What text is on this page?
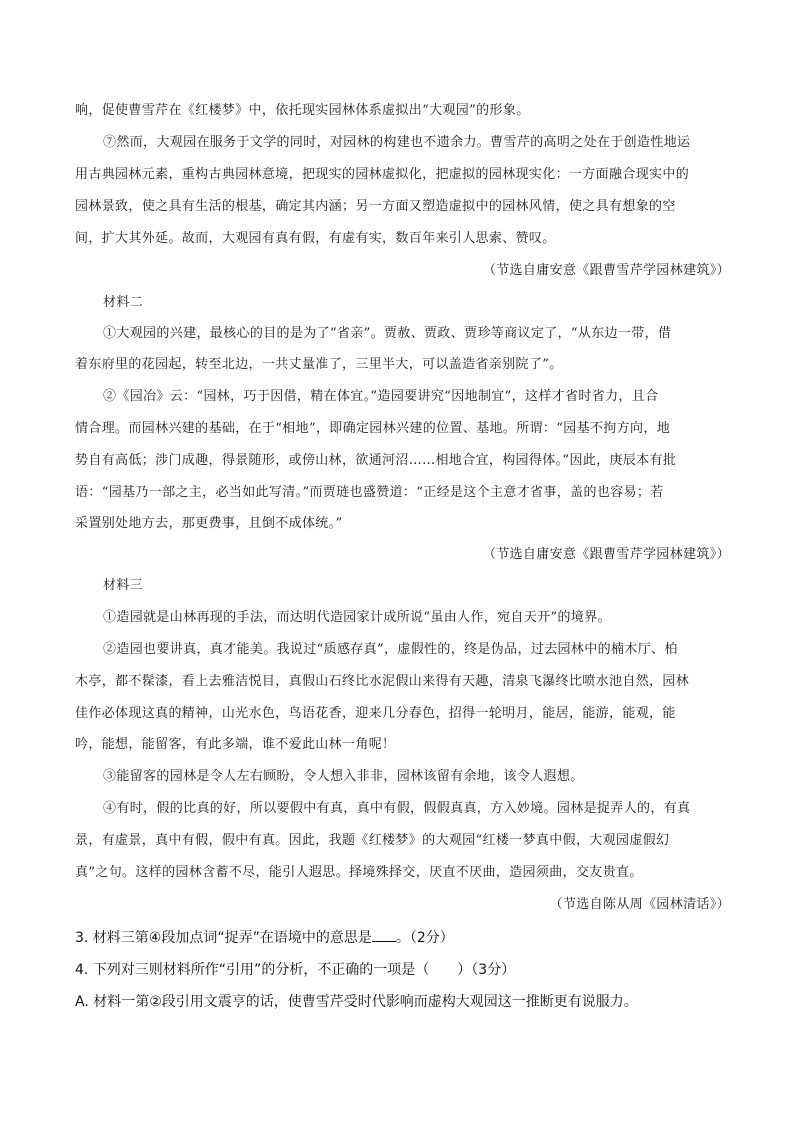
响，促使曹雪芹在《红楼梦》中，依托现实园林体系虚拟出“大观园”的形象。
⑦然而，大观园在服务于文学的同时，对园林的构建也不遗余力。曹雪芹的高明之处在于创造性地运
用古典园林元素，重构古典园林意境，把现实的园林虚拟化，把虚拟的园林现实化：一方面融合现实中的
园林景致，使之具有生活的根基，确定其内涵；另一方面又塑造虚拟中的园林风情，使之具有想象的空
间，扩大其外延。故而，大观园有真有假，有虚有实，数百年来引人思索、赞叹。
（节选自庸安意《跟曹雪芹学园林建筑》）
材料二
①大观园的兴建，最核心的目的是为了“省亲”。贾赦、贾政、贾珍等商议定了，“从东边一带，借
着东府里的花园起，转至北边，一共丈量准了，三里半大，可以盖造省亲别院了”。
②《园冶》云：“园林，巧于因借，精在体宜。”造园要讲究“因地制宜”，这样才省时省力，且合
情合理。而园林兴建的基础，在于“相地”，即确定园林兴建的位置、基地。所谓：“园基不拘方向，地
势自有高低；涉门成趣，得景随形，或傍山林，欲通河沼……相地合宜，构园得体。”因此，庚辰本有批
语：“园基乃一部之主，必当如此写清。”而贾琏也盛赞道：“正经是这个主意才省事，盖的也容易；若
采置别处地方去，那更费事，且倒不成体统。”
（节选自庸安意《跟曹雪芹学园林建筑》）
材料三
①造园就是山林再现的手法，而达明代造园家计成所说“虽由人作，宛自天开”的境界。
②造园也要讲真，真才能美。我说过“质感存真”，虚假性的，终是伪品，过去园林中的楠木厅、柏
木亭，都不髹漆，看上去雅洁悦目，真假山石终比水泥假山来得有天趣，清泉飞瀑终比喷水池自然，园林
佳作必体现这真的精神，山光水色，鸟语花香，迎来几分春色，招得一轮明月，能居，能游，能观，能
吟，能想，能留客，有此多端，谁不爱此山林一角呢！
③能留客的园林是令人左右顾盼，令人想入非非，园林该留有余地，该令人遐想。
④有时，假的比真的好，所以要假中有真，真中有假，假假真真，方入妙境。园林是捉弄人的，有真
景，有虚景，真中有假，假中有真。因此，我题《红楼梦》的大观园“红楼一梦真中假，大观园虚假幻
真”之句。这样的园林含蓄不尽，能引人遐思。择境殊择交，厌直不厌曲，造园须曲，交友贵直。
（节选自陈从周《园林清话》）
3. 材料三第④段加点词“捉弄”在语境中的意思是 。（2分）
4. 下列对三则材料所作“引用”的分析，不正确的一项是（　　）（3分）
A. 材料一第②段引用文震亨的话，使曹雪芹受时代影响而虚构大观园这一推断更有说服力。
